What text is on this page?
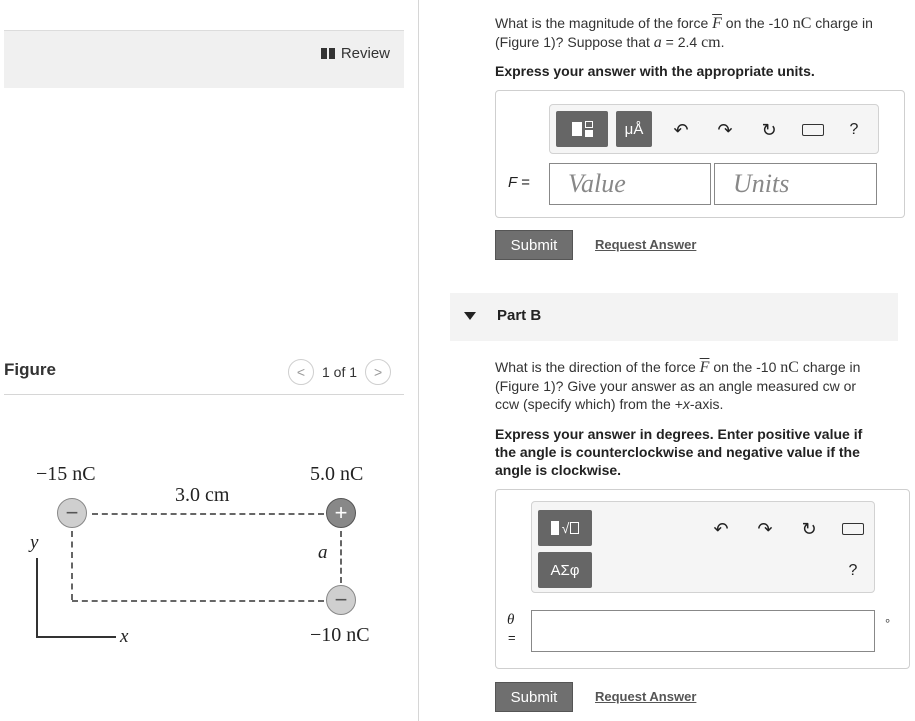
Review
Figure	<	1 of 1	>
−15 nC	5.0 nC
3.0 cm
−	+
−
a
−10 nC
y
x
What is the magnitude of the force $\overline{F}$ on the -10 nC charge in
(Figure 1)? Suppose that a = 2.4 cm.
Express your answer with the appropriate units.
μÅ	↶	↷	↻	?
F =	Value	Units
Submit	Request Answer
Part B
What is the direction of the force $\overline{F}$ on the -10 nC charge in
(Figure 1)? Give your answer as an angle measured cw or
ccw (specify which) from the +x-axis.
Express your answer in degrees. Enter positive value if
the angle is counterclockwise and negative value if the
angle is clockwise.
√
ΑΣφ
↶	↷	↻
?
θ
=
°
Submit	Request Answer
